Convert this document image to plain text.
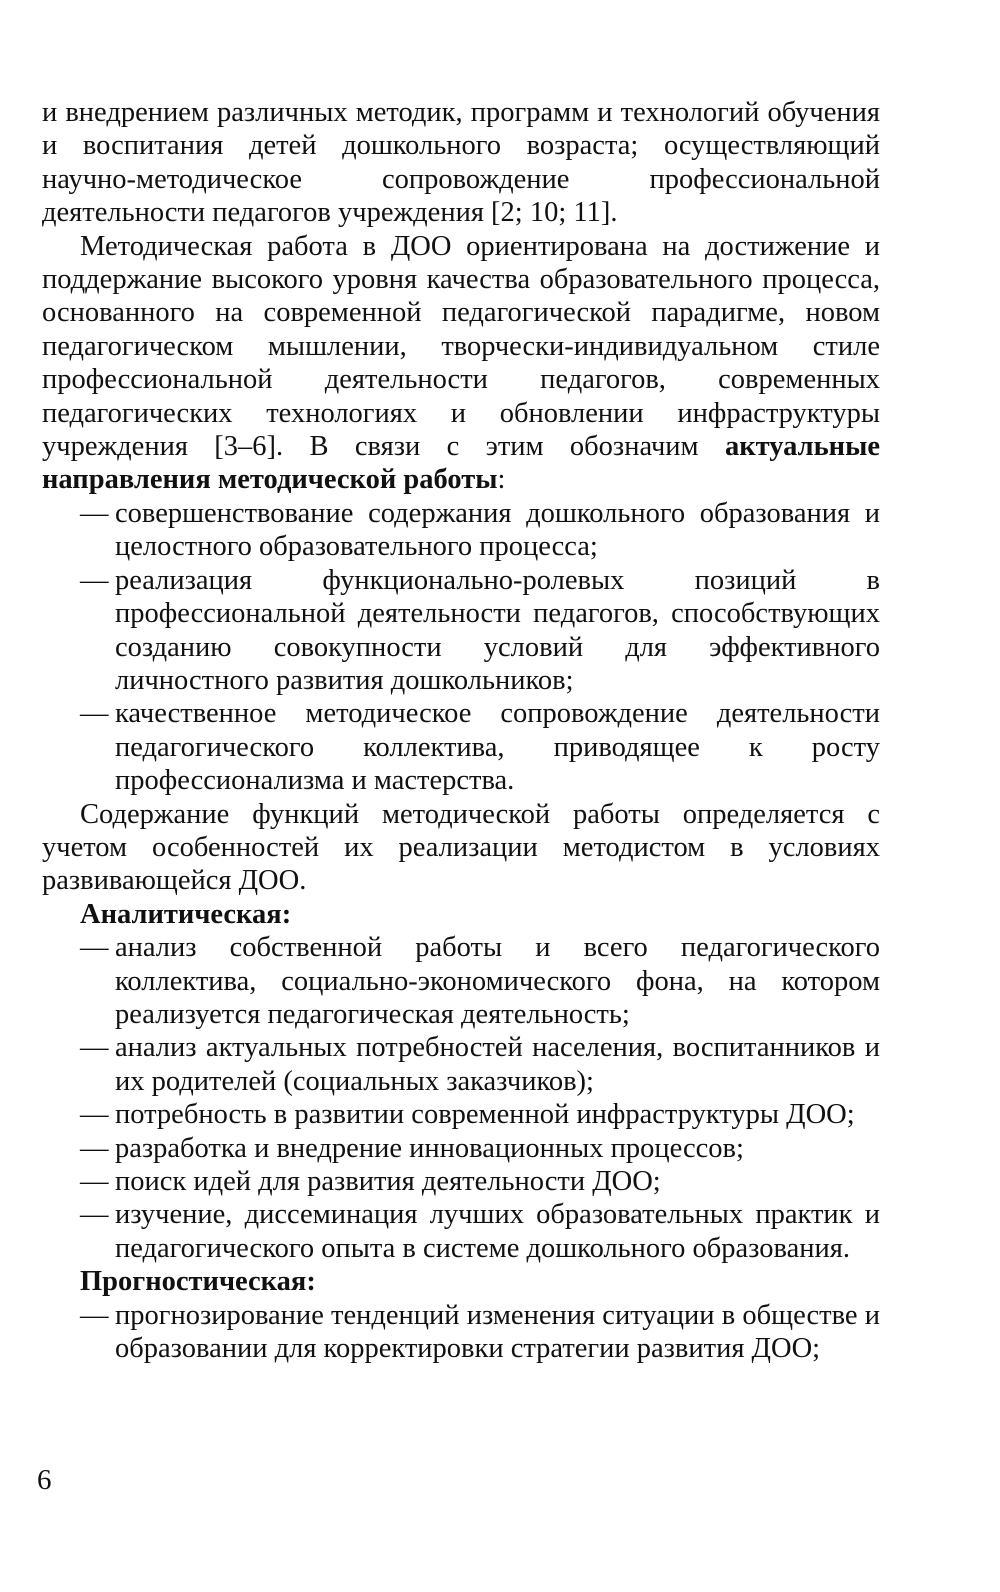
и внедрением различных методик, программ и технологий обучения и воспитания детей дошкольного возраста; осуществляющий научно-методическое сопровождение профессиональной деятельности педагогов учреждения [2; 10; 11].

Методическая работа в ДОО ориентирована на достижение и поддержание высокого уровня качества образовательного процесса, основанного на современной педагогической парадигме, новом педагогическом мышлении, творчески-индивидуальном стиле профессиональной деятельности педагогов, современных педагогических технологиях и обновлении инфраструктуры учреждения [3–6]. В связи с этим обозначим актуальные направления методической работы:

— совершенствование содержания дошкольного образования и целостного образовательного процесса;
— реализация функционально-ролевых позиций в профессиональной деятельности педагогов, способствующих созданию совокупности условий для эффективного личностного развития дошкольников;
— качественное методическое сопровождение деятельности педагогического коллектива, приводящее к росту профессионализма и мастерства.

Содержание функций методической работы определяется с учетом особенностей их реализации методистом в условиях развивающейся ДОО.

Аналитическая:

— анализ собственной работы и всего педагогического коллектива, социально-экономического фона, на котором реализуется педагогическая деятельность;
— анализ актуальных потребностей населения, воспитанников и их родителей (социальных заказчиков);
— потребность в развитии современной инфраструктуры ДОО;
— разработка и внедрение инновационных процессов;
— поиск идей для развития деятельности ДОО;
— изучение, диссеминация лучших образовательных практик и педагогического опыта в системе дошкольного образования.

Прогностическая:

— прогнозирование тенденций изменения ситуации в обществе и образовании для корректировки стратегии развития ДОО;
6
